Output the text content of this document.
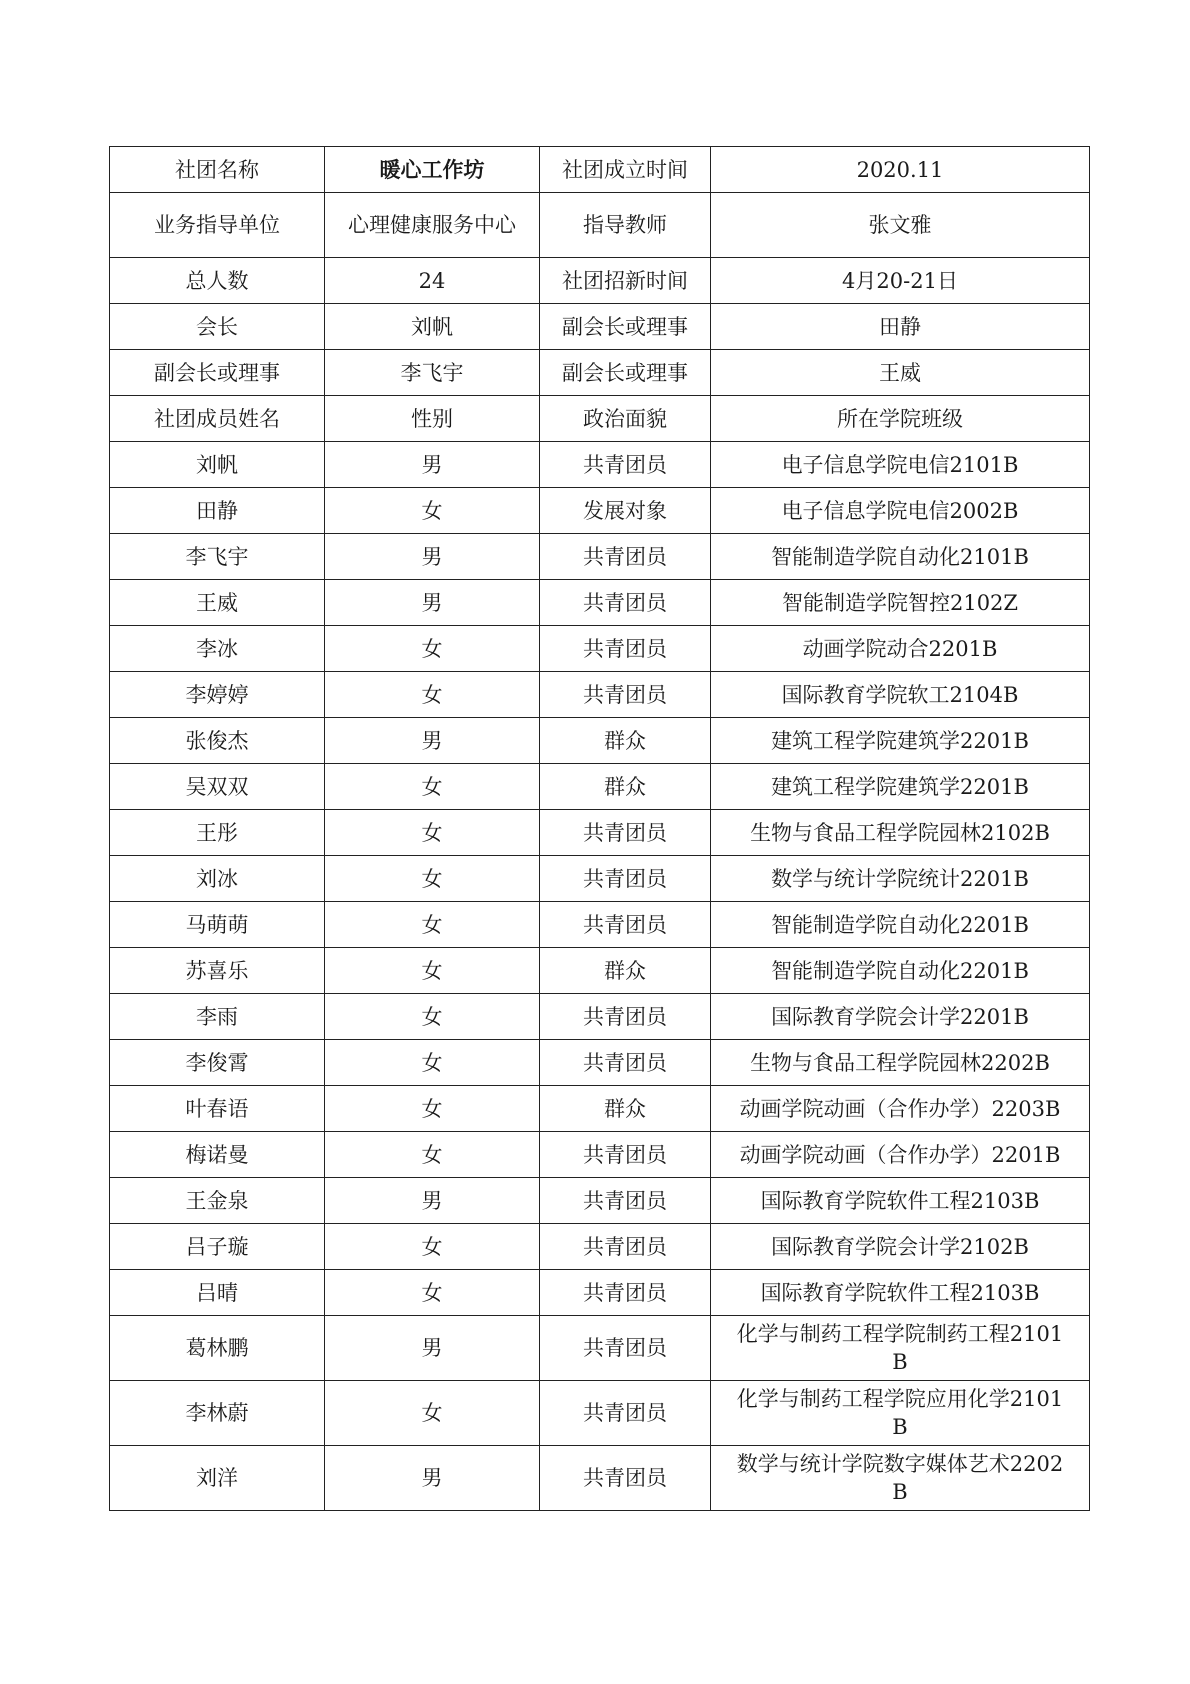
社团名称	暖心工作坊	社团成立时间	2020.11
业务指导单位	心理健康服务中心	指导教师	张文雅
总人数	24	社团招新时间	4月20-21日
会长	刘帆	副会长或理事	田静
副会长或理事	李飞宇	副会长或理事	王威
社团成员姓名	性别	政治面貌	所在学院班级
刘帆	男	共青团员	电子信息学院电信2101B
田静	女	发展对象	电子信息学院电信2002B
李飞宇	男	共青团员	智能制造学院自动化2101B
王威	男	共青团员	智能制造学院智控2102Z
李冰	女	共青团员	动画学院动合2201B
李婷婷	女	共青团员	国际教育学院软工2104B
张俊杰	男	群众	建筑工程学院建筑学2201B
吴双双	女	群众	建筑工程学院建筑学2201B
王彤	女	共青团员	生物与食品工程学院园林2102B
刘冰	女	共青团员	数学与统计学院统计2201B
马萌萌	女	共青团员	智能制造学院自动化2201B
苏喜乐	女	群众	智能制造学院自动化2201B
李雨	女	共青团员	国际教育学院会计学2201B
李俊霄	女	共青团员	生物与食品工程学院园林2202B
叶春语	女	群众	动画学院动画（合作办学）2203B
梅诺曼	女	共青团员	动画学院动画（合作办学）2201B
王金泉	男	共青团员	国际教育学院软件工程2103B
吕子璇	女	共青团员	国际教育学院会计学2102B
吕晴	女	共青团员	国际教育学院软件工程2103B
葛林鹏	男	共青团员	化学与制药工程学院制药工程2101B
李林蔚	女	共青团员	化学与制药工程学院应用化学2101B
刘洋	男	共青团员	数学与统计学院数字媒体艺术2202B
